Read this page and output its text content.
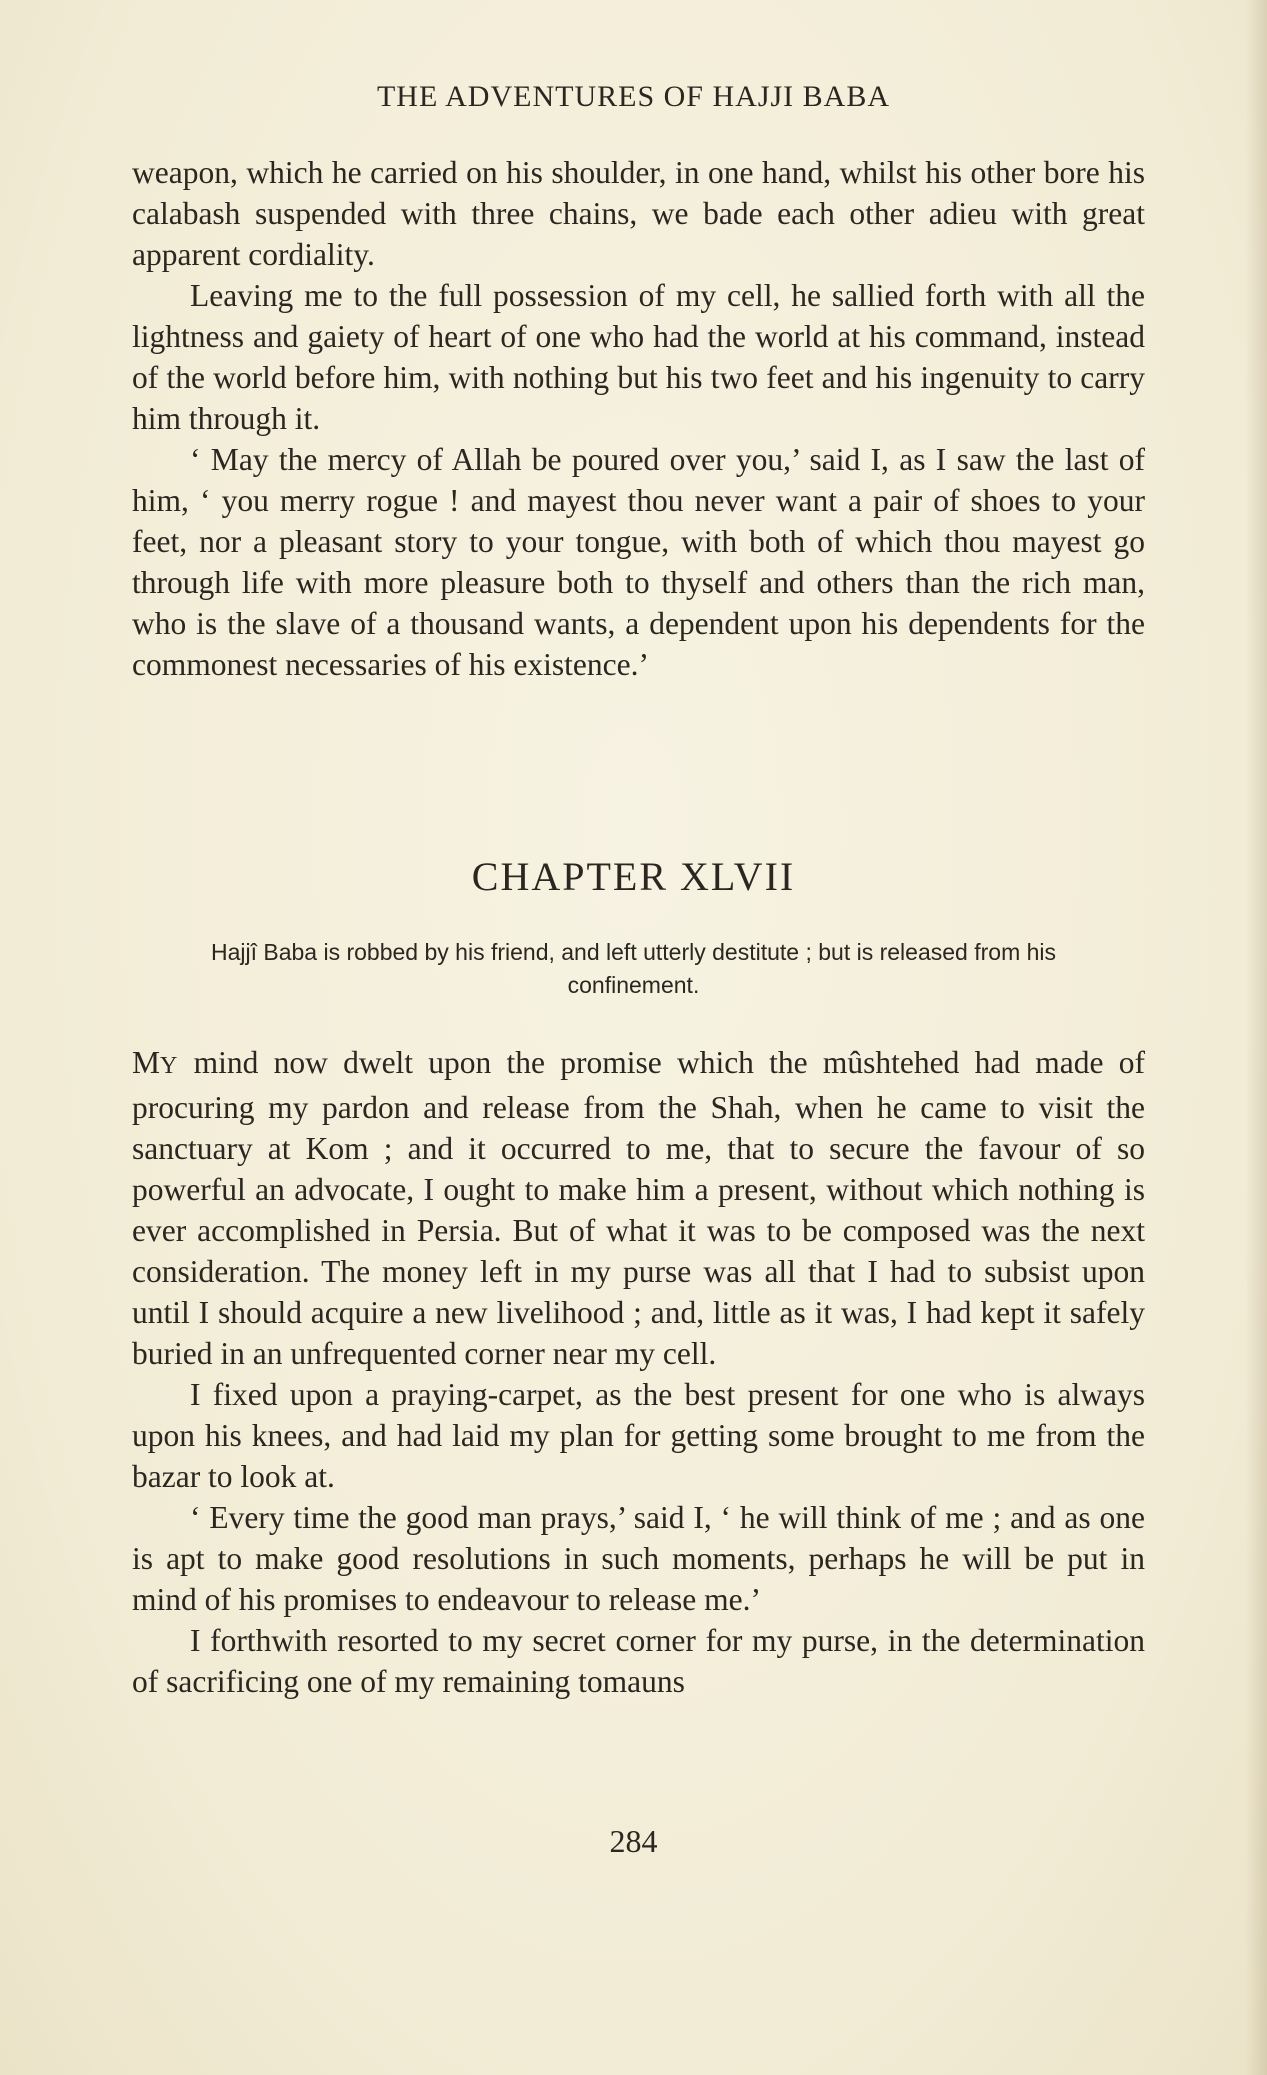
THE ADVENTURES OF HAJJI BABA

weapon, which he carried on his shoulder, in one hand, whilst his other bore his calabash suspended with three chains, we bade each other adieu with great apparent cordiality.

Leaving me to the full possession of my cell, he sallied forth with all the lightness and gaiety of heart of one who had the world at his command, instead of the world before him, with nothing but his two feet and his ingenuity to carry him through it.

‘ May the mercy of Allah be poured over you,’ said I, as I saw the last of him, ‘ you merry rogue ! and mayest thou never want a pair of shoes to your feet, nor a pleasant story to your tongue, with both of which thou mayest go through life with more pleasure both to thyself and others than the rich man, who is the slave of a thousand wants, a dependent upon his dependents for the commonest necessaries of his existence.’

CHAPTER XLVII
Hajjî Baba is robbed by his friend, and left utterly destitute ; but is released from his confinement.

MY mind now dwelt upon the promise which the mûshtehed had made of procuring my pardon and release from the Shah, when he came to visit the sanctuary at Kom ; and it occurred to me, that to secure the favour of so powerful an advocate, I ought to make him a present, without which nothing is ever accomplished in Persia. But of what it was to be composed was the next consideration. The money left in my purse was all that I had to subsist upon until I should acquire a new livelihood ; and, little as it was, I had kept it safely buried in an unfrequented corner near my cell.

I fixed upon a praying-carpet, as the best present for one who is always upon his knees, and had laid my plan for getting some brought to me from the bazar to look at.

‘ Every time the good man prays,’ said I, ‘ he will think of me ; and as one is apt to make good resolutions in such moments, perhaps he will be put in mind of his promises to endeavour to release me.’

I forthwith resorted to my secret corner for my purse, in the determination of sacrificing one of my remaining tomauns

284
